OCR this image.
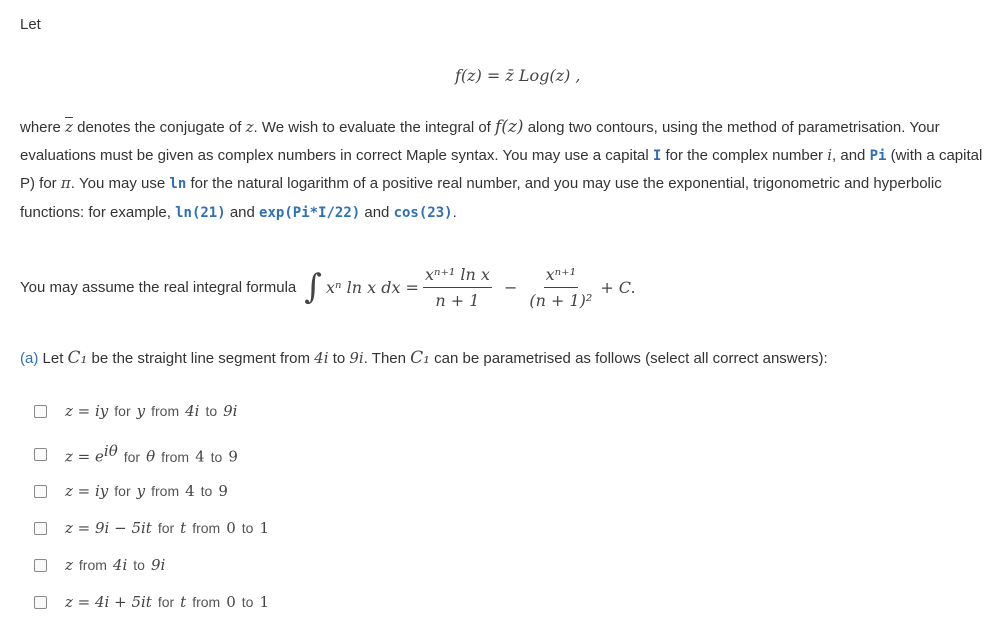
Let
f(z) = z̄ Log(z) ,
where $\overline{z}$ denotes the conjugate of z. We wish to evaluate the integral of f(z) along two contours, using the method of parametrisation. Your evaluations must be given as complex numbers in correct Maple syntax. You may use a capital I for the complex number i, and Pi (with a capital P) for π. You may use ln for the natural logarithm of a positive real number, and you may use the exponential, trigonometric and hyperbolic functions: for example, ln(21) and exp(Pi*I/22) and cos(23).
You may assume the real integral formula ∫ xⁿ ln x dx = $\frac{\text{xⁿ⁺¹ ln x}}{n + 1} - \frac{\text{xⁿ⁺¹}}{\text{(n + 1)²}} + C$.
(a) Let C₁ be the straight line segment from 4i to 9i. Then C₁ can be parametrised as follows (select all correct answers):
z = iy for y from 4i to 9i
$z = e^{i\theta}$ for θ from 4 to 9
z = iy for y from 4 to 9
z = 9i − 5it for t from 0 to 1
z from 4i to 9i
z = 4i + 5it for t from 0 to 1
